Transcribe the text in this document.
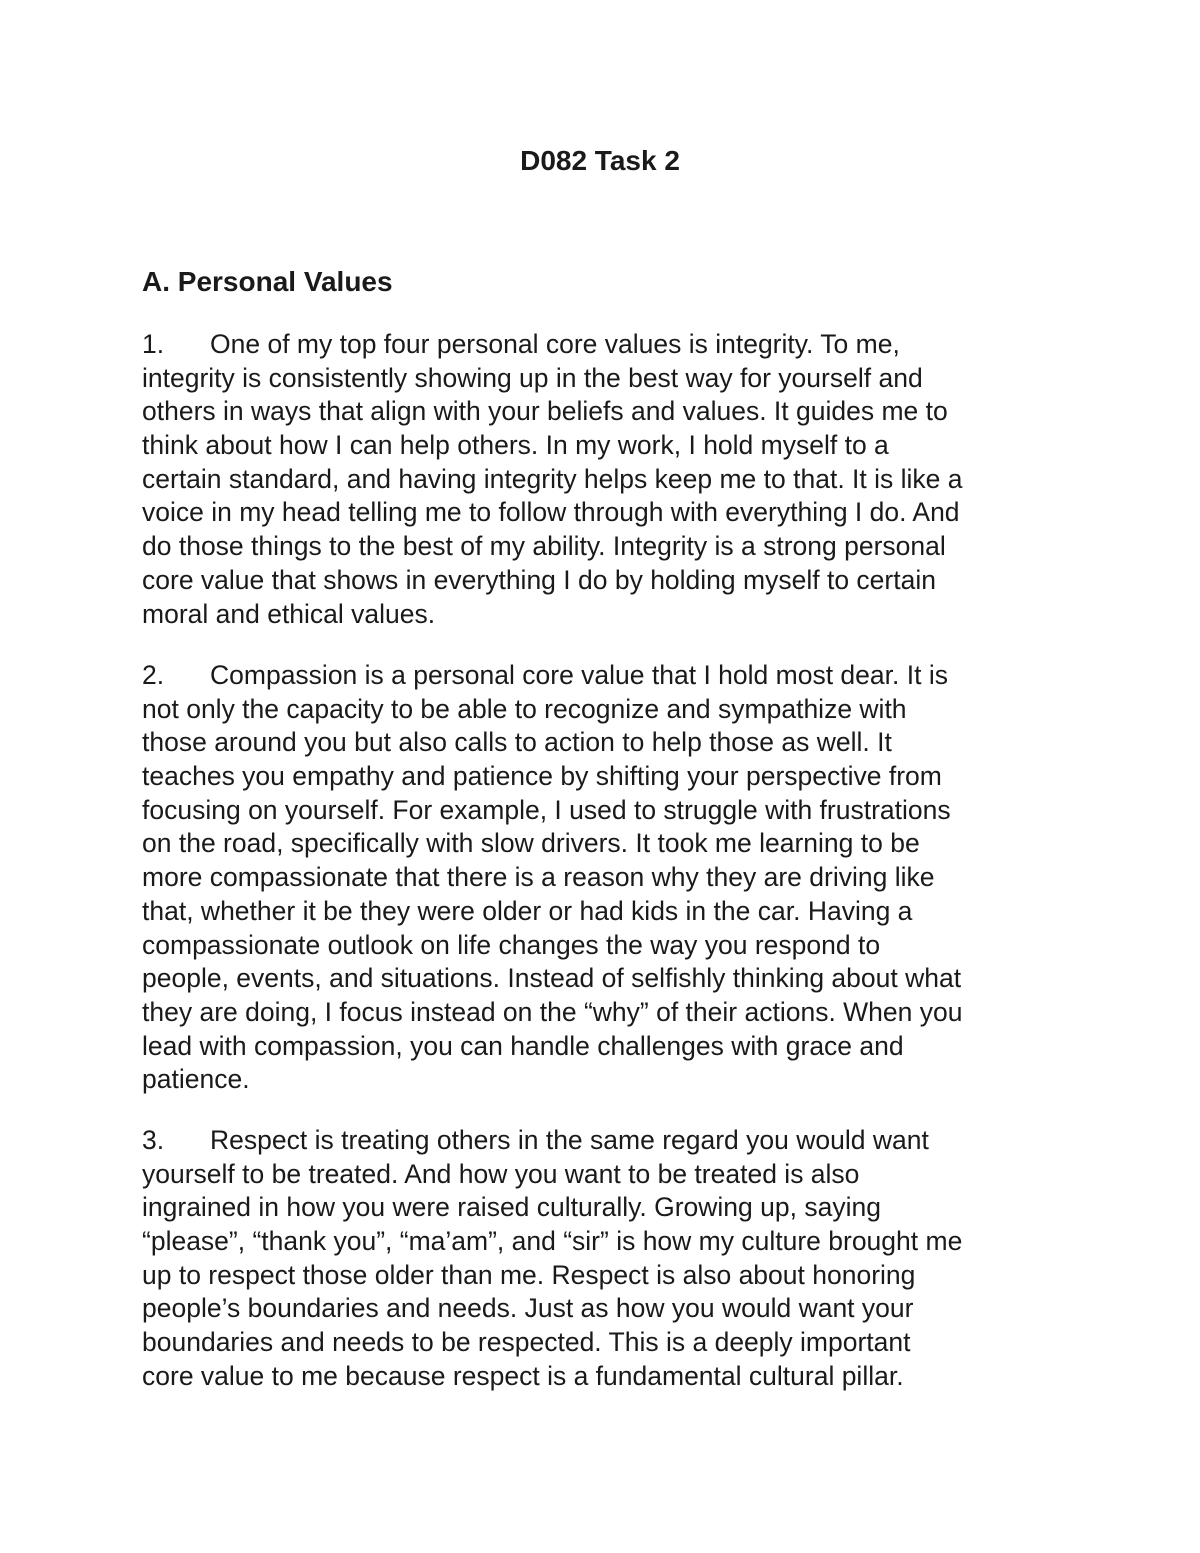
D082 Task 2
A. Personal Values
1. One of my top four personal core values is integrity. To me,
integrity is consistently showing up in the best way for yourself and
others in ways that align with your beliefs and values. It guides me to
think about how I can help others. In my work, I hold myself to a
certain standard, and having integrity helps keep me to that. It is like a
voice in my head telling me to follow through with everything I do. And
do those things to the best of my ability. Integrity is a strong personal
core value that shows in everything I do by holding myself to certain
moral and ethical values.
2. Compassion is a personal core value that I hold most dear. It is
not only the capacity to be able to recognize and sympathize with
those around you but also calls to action to help those as well. It
teaches you empathy and patience by shifting your perspective from
focusing on yourself. For example, I used to struggle with frustrations
on the road, specifically with slow drivers. It took me learning to be
more compassionate that there is a reason why they are driving like
that, whether it be they were older or had kids in the car. Having a
compassionate outlook on life changes the way you respond to
people, events, and situations. Instead of selfishly thinking about what
they are doing, I focus instead on the “why” of their actions. When you
lead with compassion, you can handle challenges with grace and
patience.
3. Respect is treating others in the same regard you would want
yourself to be treated. And how you want to be treated is also
ingrained in how you were raised culturally. Growing up, saying
“please”, “thank you”, “ma’am”, and “sir” is how my culture brought me
up to respect those older than me. Respect is also about honoring
people’s boundaries and needs. Just as how you would want your
boundaries and needs to be respected. This is a deeply important
core value to me because respect is a fundamental cultural pillar.
